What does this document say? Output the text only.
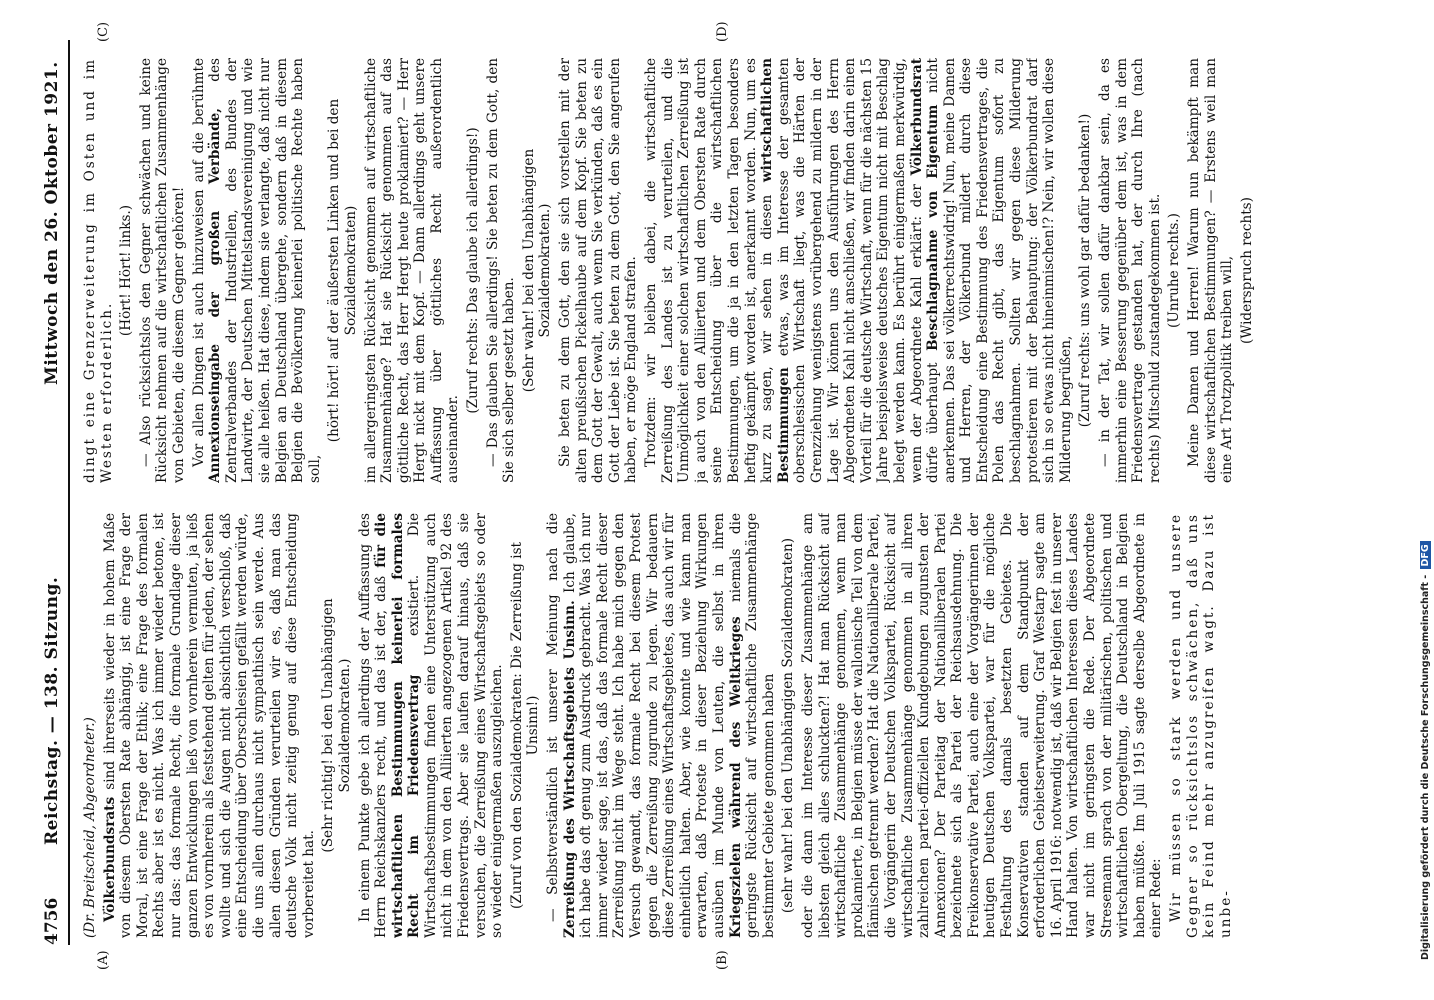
4756
Reichstag. — 138. Sitzung.
Mittwoch den 26. Oktober 1921.
(A)	(B)
(C)	(D)

(Dr. Breitscheid, Abgeordneter.) Völkerbundsrats sind ihrerseits wieder in hohem Maße von diesem Obersten Rate abhängig, ist eine Frage der Moral, ist eine Frage der Ethik; eine Frage des formalen Rechts aber ist es nicht. Was ich immer wieder betone, ist nur das: das formale Recht, die formale Grundlage dieser ganzen Entwicklungen ließ von vornherein vermuten, ja ließ es von vornherein als feststehend gelten für jeden, der sehen wollte und sich die Augen nicht absichtlich verschloß, daß eine Entscheidung über Oberschlesien gefällt werden würde, die uns allen durchaus nicht sympathisch sein werde. Aus allen diesen Gründen verurteilen wir es, daß man das deutsche Volk nicht zeitig genug auf diese Entscheidung vorbereitet hat.

(Sehr richtig! bei den Unabhängigen Sozialdemokraten.) In einem Punkte gebe ich allerdings der Auffassung des Herrn Reichskanzlers recht, und das ist der, daß für die wirtschaftlichen Bestimmungen keinerlei formales Recht im Friedensvertrag existiert. Die Wirtschaftsbestimmungen finden eine Unterstützung auch nicht in dem von den Alliierten angezogenen Artikel 92 des Friedensvertrags. Aber sie laufen darauf hinaus, daß sie versuchen, die Zerreißung eines Wirtschaftsgebiets so oder so wieder einigermaßen auszugleichen. (Zuruf von den Sozialdemokraten: Die Zerreißung ist Unsinn!) — Selbstverständlich ist unserer Meinung nach die Zerreißung des Wirtschaftsgebiets Unsinn. Ich glaube, ich habe das oft genug zum Ausdruck gebracht. Was ich nur immer wieder sage, ist das, daß das formale Recht dieser Zerreißung nicht im Wege steht. Ich habe mich gegen den Versuch gewandt, das formale Recht bei diesem Protest gegen die Zerreißung zugrunde zu legen. Wir bedauern diese Zerreißung eines Wirtschaftsgebietes, das auch wir für einheitlich halten. Aber, wie konnte und wie kann man erwarten, daß Proteste in dieser Beziehung Wirkungen ausüben im Munde von Leuten, die selbst in ihren Kriegszielen während des Weltkrieges niemals die geringste Rücksicht auf wirtschaftliche Zusammenhänge bestimmter Gebiete genommen haben (sehr wahr! bei den Unabhängigen Sozialdemokraten) oder die dann im Interesse dieser Zusammenhänge am liebsten gleich alles schluckten?! Hat man Rücksicht auf wirtschaftliche Zusammenhänge genommen, wenn man proklamierte, in Belgien müsse der wallonische Teil von dem flämischen getrennt werden? Hat die Nationalliberale Partei, die Vorgängerin der Deutschen Volkspartei, Rücksicht auf wirtschaftliche Zusammenhänge genommen in all ihren zahlreichen partei-offiziellen Kundgebungen zugunsten der Annexionen? Der Parteitag der Nationalliberalen Partei bezeichnete sich als Partei der Reichsausdehnung. Die Freikonservative Partei, auch eine der Vorgängerinnen der heutigen Deutschen Volkspartei, war für die mögliche Festhaltung des damals besetzten Gebietes. Die Konservativen standen auf dem Standpunkt der erforderlichen Gebietserweiterung. Graf Westarp sagte am 16. April 1916: notwendig ist, daß wir Belgien fest in unserer Hand halten. Von wirtschaftlichen Interessen dieses Landes war nicht im geringsten die Rede. Der Abgeordnete Stresemann sprach von der militärischen, politischen und wirtschaftlichen Obergeltung, die Deutschland in Belgien haben müßte. Im Juli 1915 sagte derselbe Abgeordnete in einer Rede: Wir müssen so stark werden und unsere Gegner so rücksichtslos schwächen, daß uns kein Feind mehr anzugreifen wagt. Dazu ist unbe-

dingt eine Grenzerweiterung im Osten und im Westen erforderlich.

(Hört! Hört! links.) — Also rücksichtslos den Gegner schwächen und keine Rücksicht nehmen auf die wirtschaftlichen Zusammenhänge von Gebieten, die diesem Gegner gehören! Vor allen Dingen ist auch hinzuweisen auf die berühmte Annexionseingabe der großen Verbände, des Zentralverbandes der Industriellen, des Bundes der Landwirte, der Deutschen Mittelstandsvereinigung und wie sie alle heißen. Hat diese, indem sie verlangte, daß nicht nur Belgien an Deutschland übergehe, sondern daß in diesem Belgien die Bevölkerung keinerlei politische Rechte haben soll,

(hört! hört! auf der äußersten Linken und bei den Sozialdemokraten) im allergeringsten Rücksicht genommen auf wirtschaftliche Zusammenhänge? Hat sie Rücksicht genommen auf das göttliche Recht, das Herr Hergt heute proklamiert? — Herr Hergt nickt mit dem Kopf. — Dann allerdings geht unsere Auffassung über göttliches Recht außerordentlich auseinander.

(Zuruf rechts: Das glaube ich allerdings!) — Das glauben Sie allerdings! Sie beten zu dem Gott, den Sie sich selber gesetzt haben. (Sehr wahr! bei den Unabhängigen Sozialdemokraten.) Sie beten zu dem Gott, den sie sich vorstellen mit der alten preußischen Pickelhaube auf dem Kopf. Sie beten zu dem Gott der Gewalt, auch wenn Sie verkünden, daß es ein Gott der Liebe ist. Sie beten zu dem Gott, den Sie angerufen haben, er möge England strafen. Trotzdem: wir bleiben dabei, die wirtschaftliche Zerreißung des Landes ist zu verurteilen, und die Unmöglichkeit einer solchen wirtschaftlichen Zerreißung ist ja auch von den Alliierten und dem Obersten Rate durch seine Entscheidung über die wirtschaftlichen Bestimmungen, um die ja in den letzten Tagen besonders heftig gekämpft worden ist, anerkannt worden. Nun, um es kurz zu sagen, wir sehen in diesen wirtschaftlichen Bestimmungen etwas, was im Interesse der gesamten oberschlesischen Wirtschaft liegt, was die Härten der Grenzziehung wenigstens vorübergehend zu mildern in der Lage ist. Wir können uns den Ausführungen des Herrn Abgeordneten Kahl nicht anschließen, wir finden darin einen Vorteil für die deutsche Wirtschaft, wenn für die nächsten 15 Jahre beispielsweise deutsches Eigentum nicht mit Beschlag belegt werden kann. Es berührt einigermaßen merkwürdig, wenn der Abgeordnete Kahl erklärt: der Völkerbundsrat dürfe überhaupt Beschlagnahme von Eigentum nicht anerkennen. Das sei völkerrechtswidrig! Nun, meine Damen und Herren, der Völkerbund mildert durch diese Entscheidung eine Bestimmung des Friedensvertrages, die Polen das Recht gibt, das Eigentum sofort zu beschlagnahmen. Sollten wir gegen diese Milderung protestieren mit der Behauptung: der Völkerbundrat darf sich in so etwas nicht hineinmischen!? Nein, wir wollen diese Milderung begrüßen, (Zuruf rechts: uns wohl gar dafür bedanken!) — in der Tat, wir sollen dafür dankbar sein, da es immerhin eine Besserung gegenüber dem ist, was in dem Friedensvertrage gestanden hat, der durch Ihre (nach rechts) Mitschuld zustandegekommen ist. (Unruhe rechts.) Meine Damen und Herren! Warum nun bekämpft man diese wirtschaftlichen Bestimmungen? — Erstens weil man eine Art Trotzpolitik treiben will, (Widerspruch rechts)

Digitalisierung gefördert durch die Deutsche Forschungsgemeinschaft - DFG
